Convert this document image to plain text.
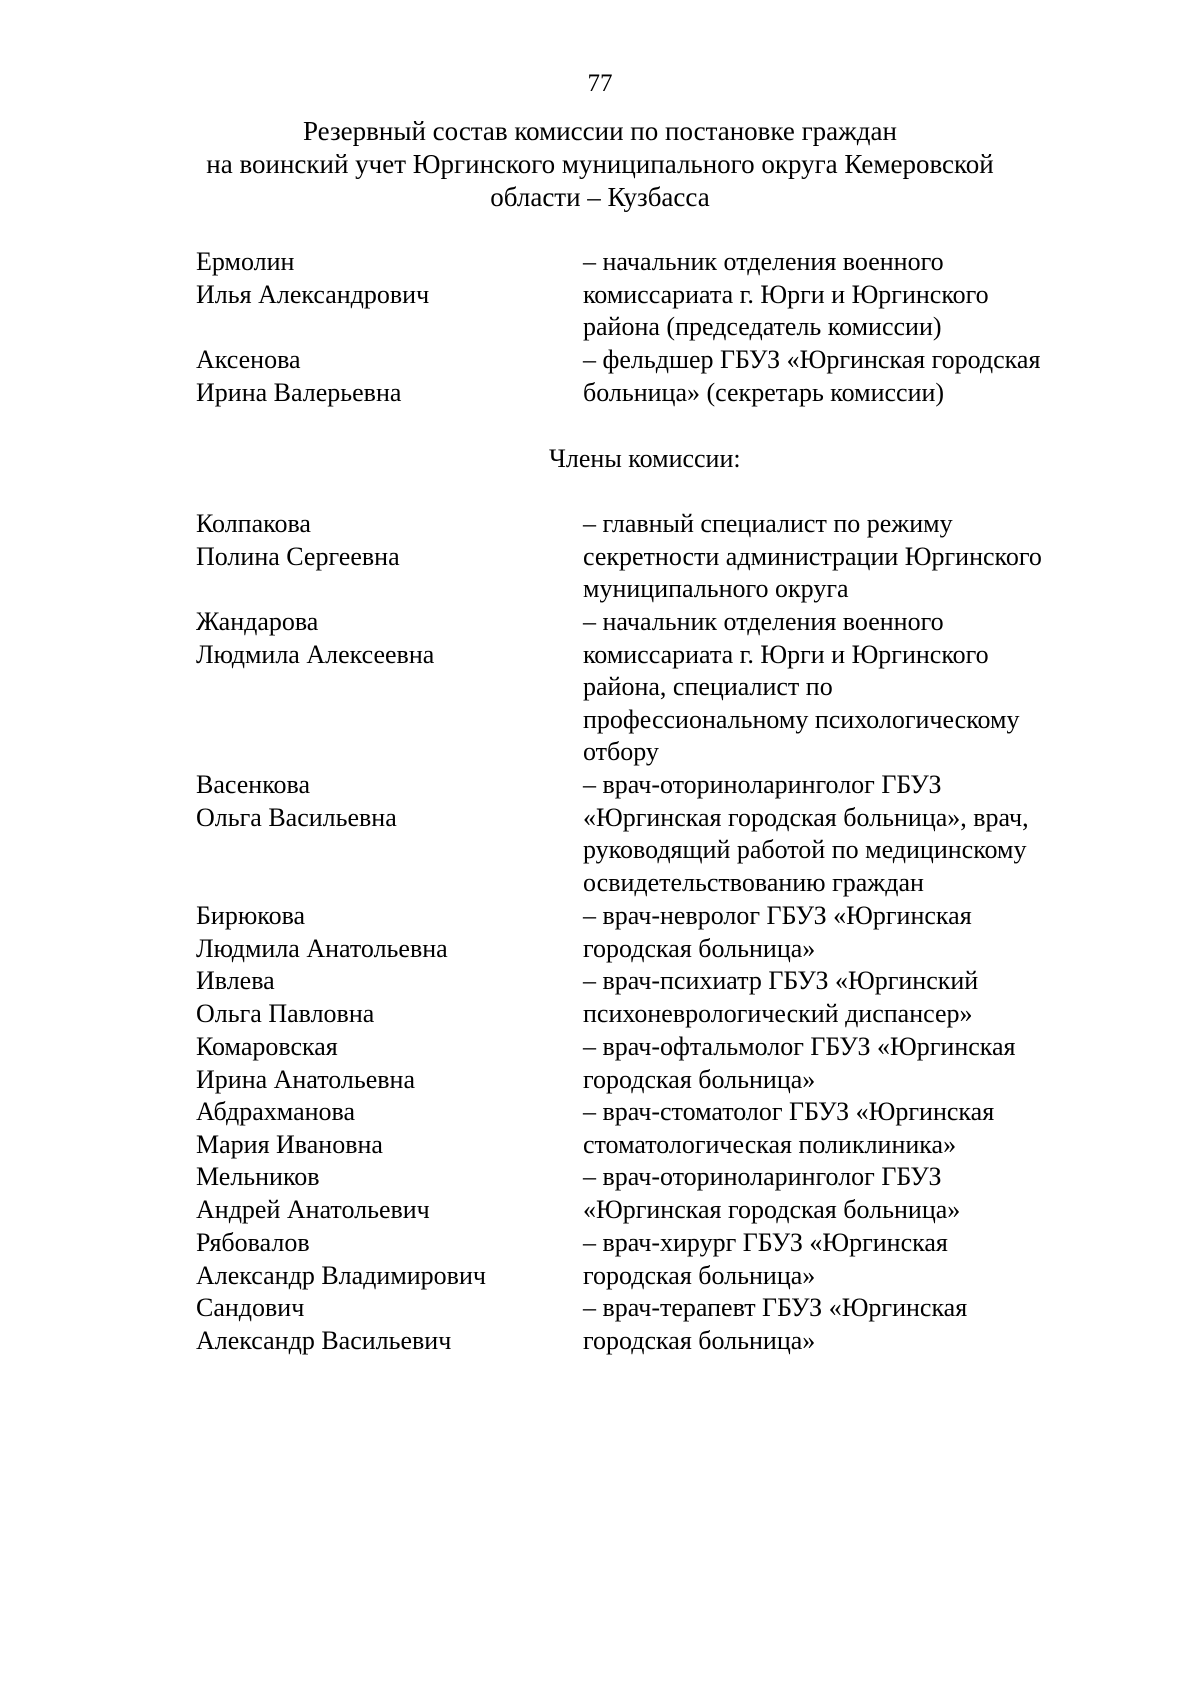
77
Резервный состав комиссии по постановке граждан
на воинский учет Юргинского муниципального округа Кемеровской
области – Кузбасса
Ермолин
Илья Александрович
– начальник отделения военного
комиссариата г. Юрги и Юргинского
района (председатель комиссии)
Аксенова
Ирина Валерьевна
– фельдшер ГБУЗ «Юргинская городская
больница» (секретарь комиссии)
Члены комиссии:
Колпакова
Полина Сергеевна
– главный специалист по режиму
секретности администрации Юргинского
муниципального округа
Жандарова
Людмила Алексеевна
– начальник отделения военного
комиссариата г. Юрги и Юргинского
района, специалист по
профессиональному психологическому
отбору
Васенкова
Ольга Васильевна
– врач-оториноларинголог ГБУЗ
«Юргинская городская больница», врач,
руководящий работой по медицинскому
освидетельствованию граждан
Бирюкова
Людмила Анатольевна
– врач-невролог ГБУЗ «Юргинская
городская больница»
Ивлева
Ольга Павловна
– врач-психиатр ГБУЗ «Юргинский
психоневрологический диспансер»
Комаровская
Ирина Анатольевна
– врач-офтальмолог ГБУЗ «Юргинская
городская больница»
Абдрахманова
Мария Ивановна
– врач-стоматолог ГБУЗ «Юргинская
стоматологическая поликлиника»
Мельников
Андрей Анатольевич
– врач-оториноларинголог ГБУЗ
«Юргинская городская больница»
Рябовалов
Александр Владимирович
– врач-хирург ГБУЗ «Юргинская
городская больница»
Сандович
Александр Васильевич
– врач-терапевт ГБУЗ «Юргинская
городская больница»
